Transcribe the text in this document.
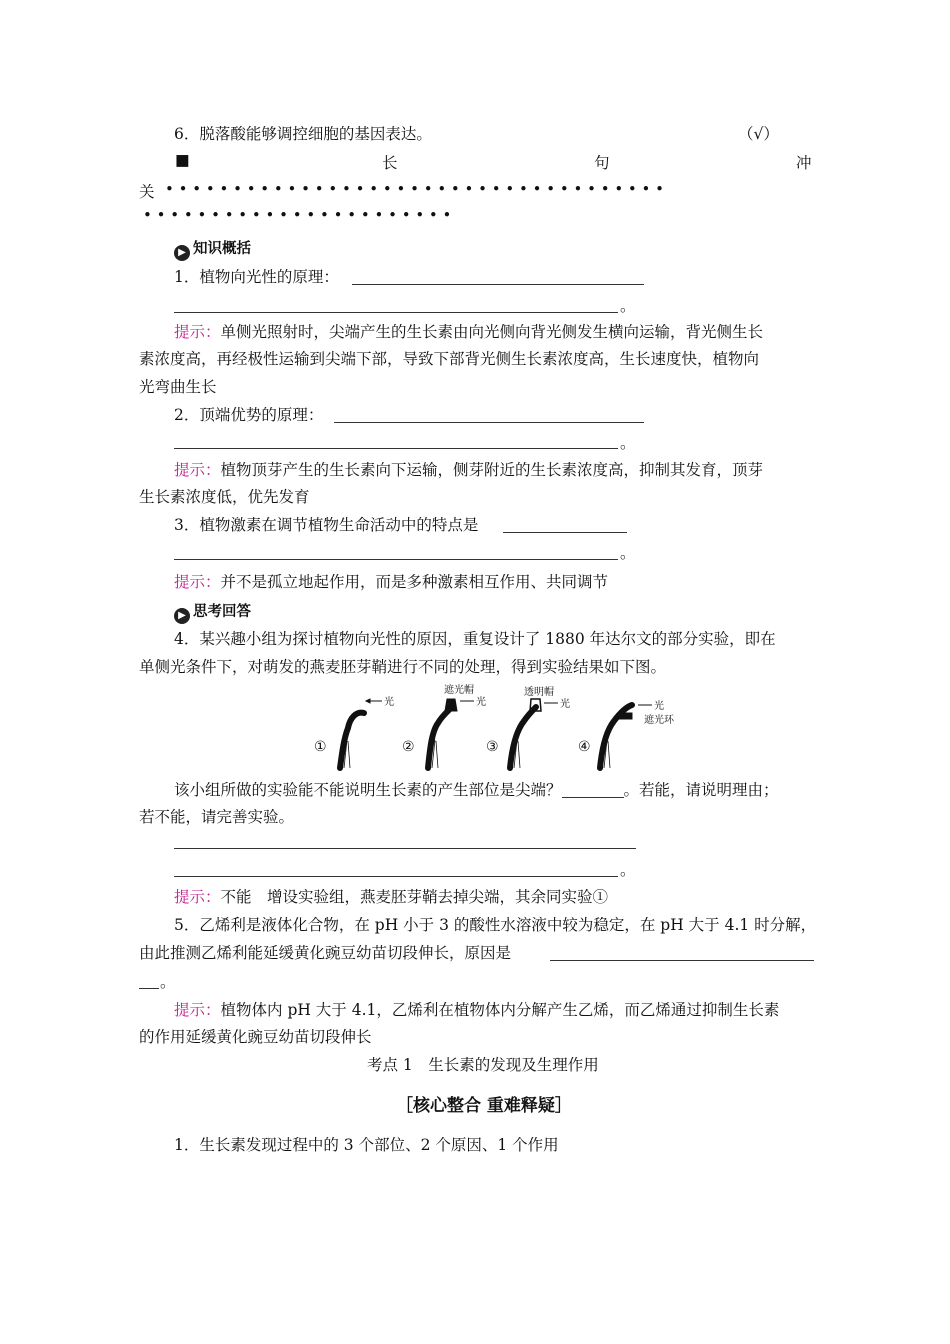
6．脱落酸能够调控细胞的基因表达。	（√）
■	长	句	冲
关 • • • • • • • • • • • • • • • • • • • • • • • • • • • • • • • • • • • • •
• • • • • • • • • • • • • • • • • • • • • • •
▶ 知识概括
1．植物向光性的原理：
。
提示：单侧光照射时，尖端产生的生长素由向光侧向背光侧发生横向运输，背光侧生长
素浓度高，再经极性运输到尖端下部，导致下部背光侧生长素浓度高，生长速度快，植物向
光弯曲生长
2．顶端优势的原理：
。
提示：植物顶芽产生的生长素向下运输，侧芽附近的生长素浓度高，抑制其发育，顶芽
生长素浓度低，优先发育
3．植物激素在调节植物生命活动中的特点是
。
提示：并不是孤立地起作用，而是多种激素相互作用、共同调节
▶ 思考回答
4．某兴趣小组为探讨植物向光性的原因，重复设计了 1880 年达尔文的部分实验，即在
单侧光条件下，对萌发的燕麦胚芽鞘进行不同的处理，得到实验结果如下图。
光
遮光帽
光
透明帽
光	光
遮光环
①	②	③	④
该小组所做的实验能不能说明生长素的产生部位是尖端？	。若能，请说明理由；
若不能，请完善实验。
。
提示：不能　增设实验组，燕麦胚芽鞘去掉尖端，其余同实验①
5．乙烯利是液体化合物，在 pH 小于 3 的酸性水溶液中较为稳定，在 pH 大于 4.1 时分解，
由此推测乙烯利能延缓黄化豌豆幼苗切段伸长，原因是
。
提示：植物体内 pH 大于 4.1，乙烯利在植物体内分解产生乙烯，而乙烯通过抑制生长素
的作用延缓黄化豌豆幼苗切段伸长
考点 1　生长素的发现及生理作用
［核心整合 重难释疑］
1．生长素发现过程中的 3 个部位、2 个原因、1 个作用
